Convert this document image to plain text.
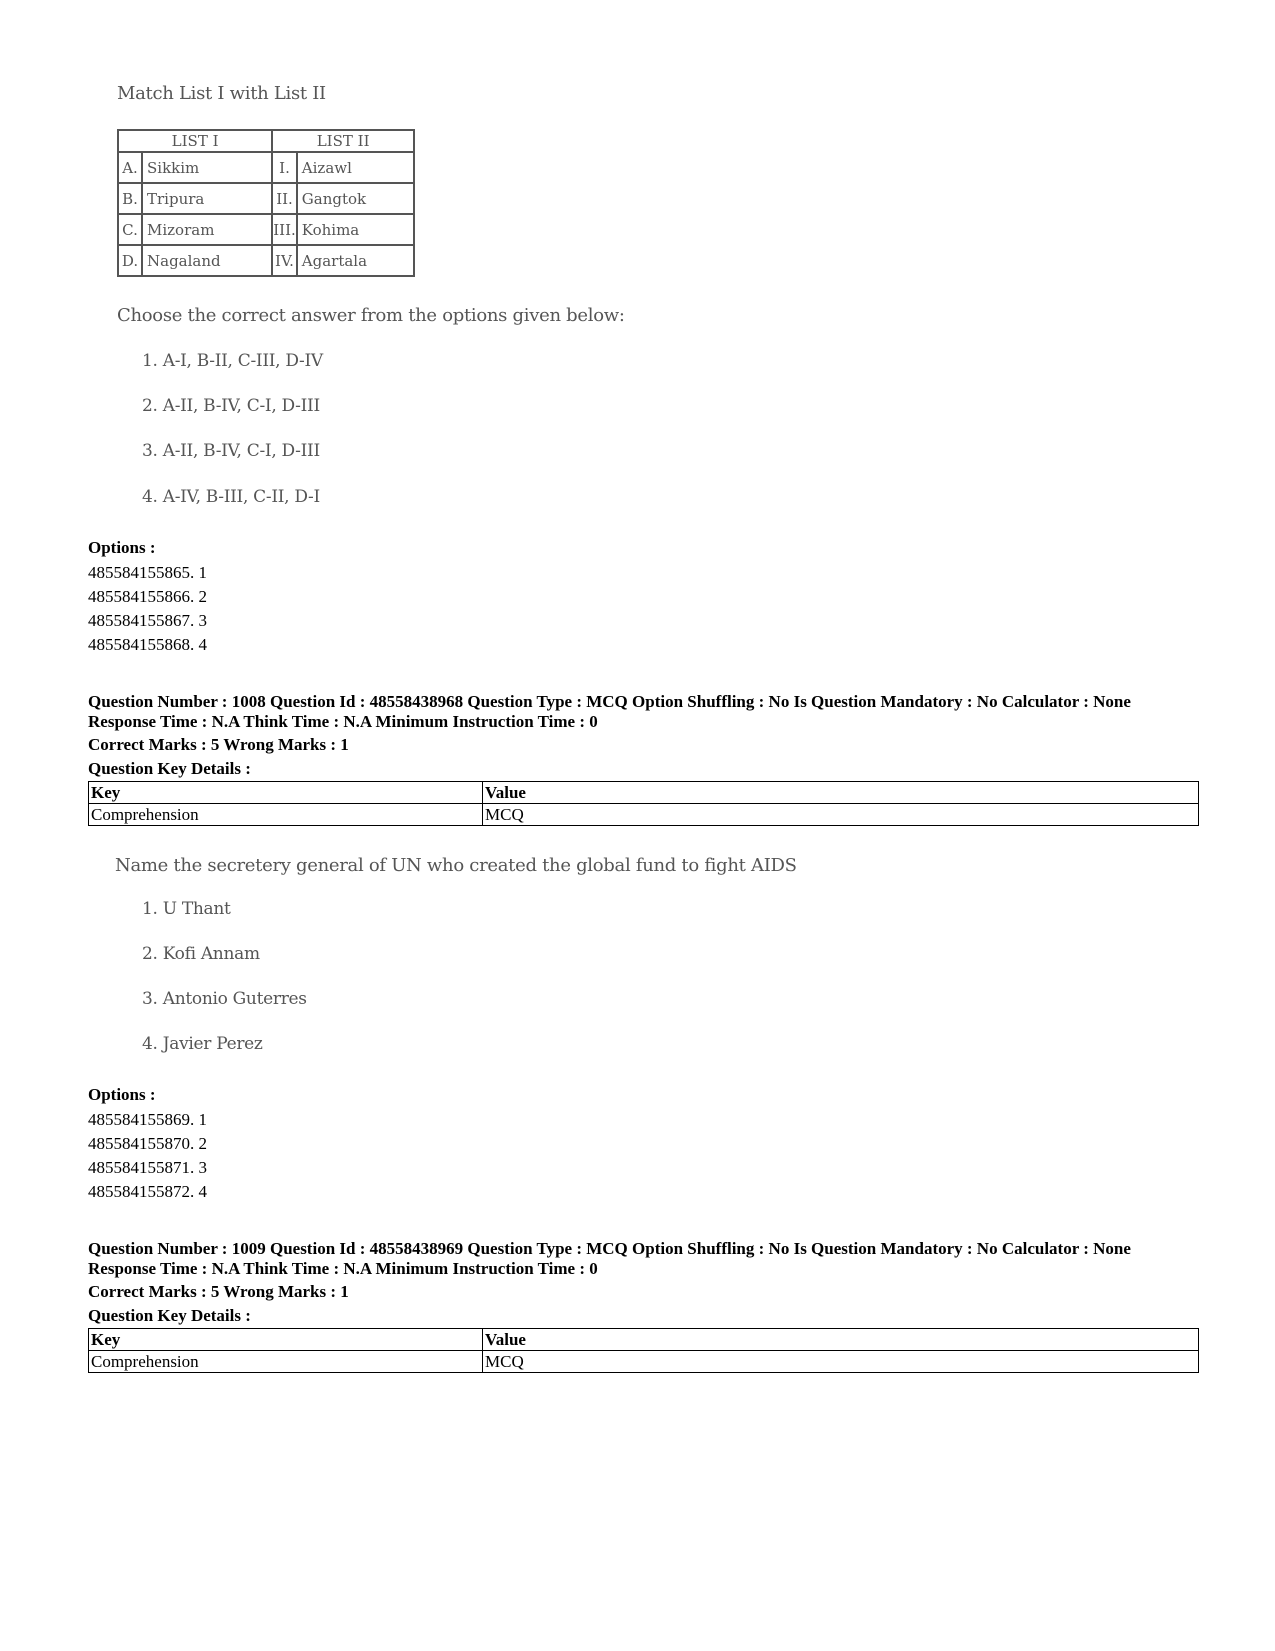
Match List I with List II
LIST I		LIST II	
A.	Sikkim	I.	Aizawl
B.	Tripura	II.	Gangtok
C.	Mizoram	III.	Kohima
D.	Nagaland	IV.	Agartala
Choose the correct answer from the options given below:
1. A-I, B-II, C-III, D-IV
2. A-II, B-IV, C-I, D-III
3. A-II, B-IV, C-I, D-III
4. A-IV, B-III, C-II, D-I
Options :
485584155865. 1
485584155866. 2
485584155867. 3
485584155868. 4
Question Number : 1008 Question Id : 48558438968 Question Type : MCQ Option Shuffling : No Is Question Mandatory : No Calculator : None
Response Time : N.A Think Time : N.A Minimum Instruction Time : 0
Correct Marks : 5 Wrong Marks : 1
Question Key Details :
Key	Value
Comprehension	MCQ
Name the secretery general of UN who created the global fund to fight AIDS
1. U Thant
2. Kofi Annam
3. Antonio Guterres
4. Javier Perez
Options :
485584155869. 1
485584155870. 2
485584155871. 3
485584155872. 4
Question Number : 1009 Question Id : 48558438969 Question Type : MCQ Option Shuffling : No Is Question Mandatory : No Calculator : None
Response Time : N.A Think Time : N.A Minimum Instruction Time : 0
Correct Marks : 5 Wrong Marks : 1
Question Key Details :
Key	Value
Comprehension	MCQ
